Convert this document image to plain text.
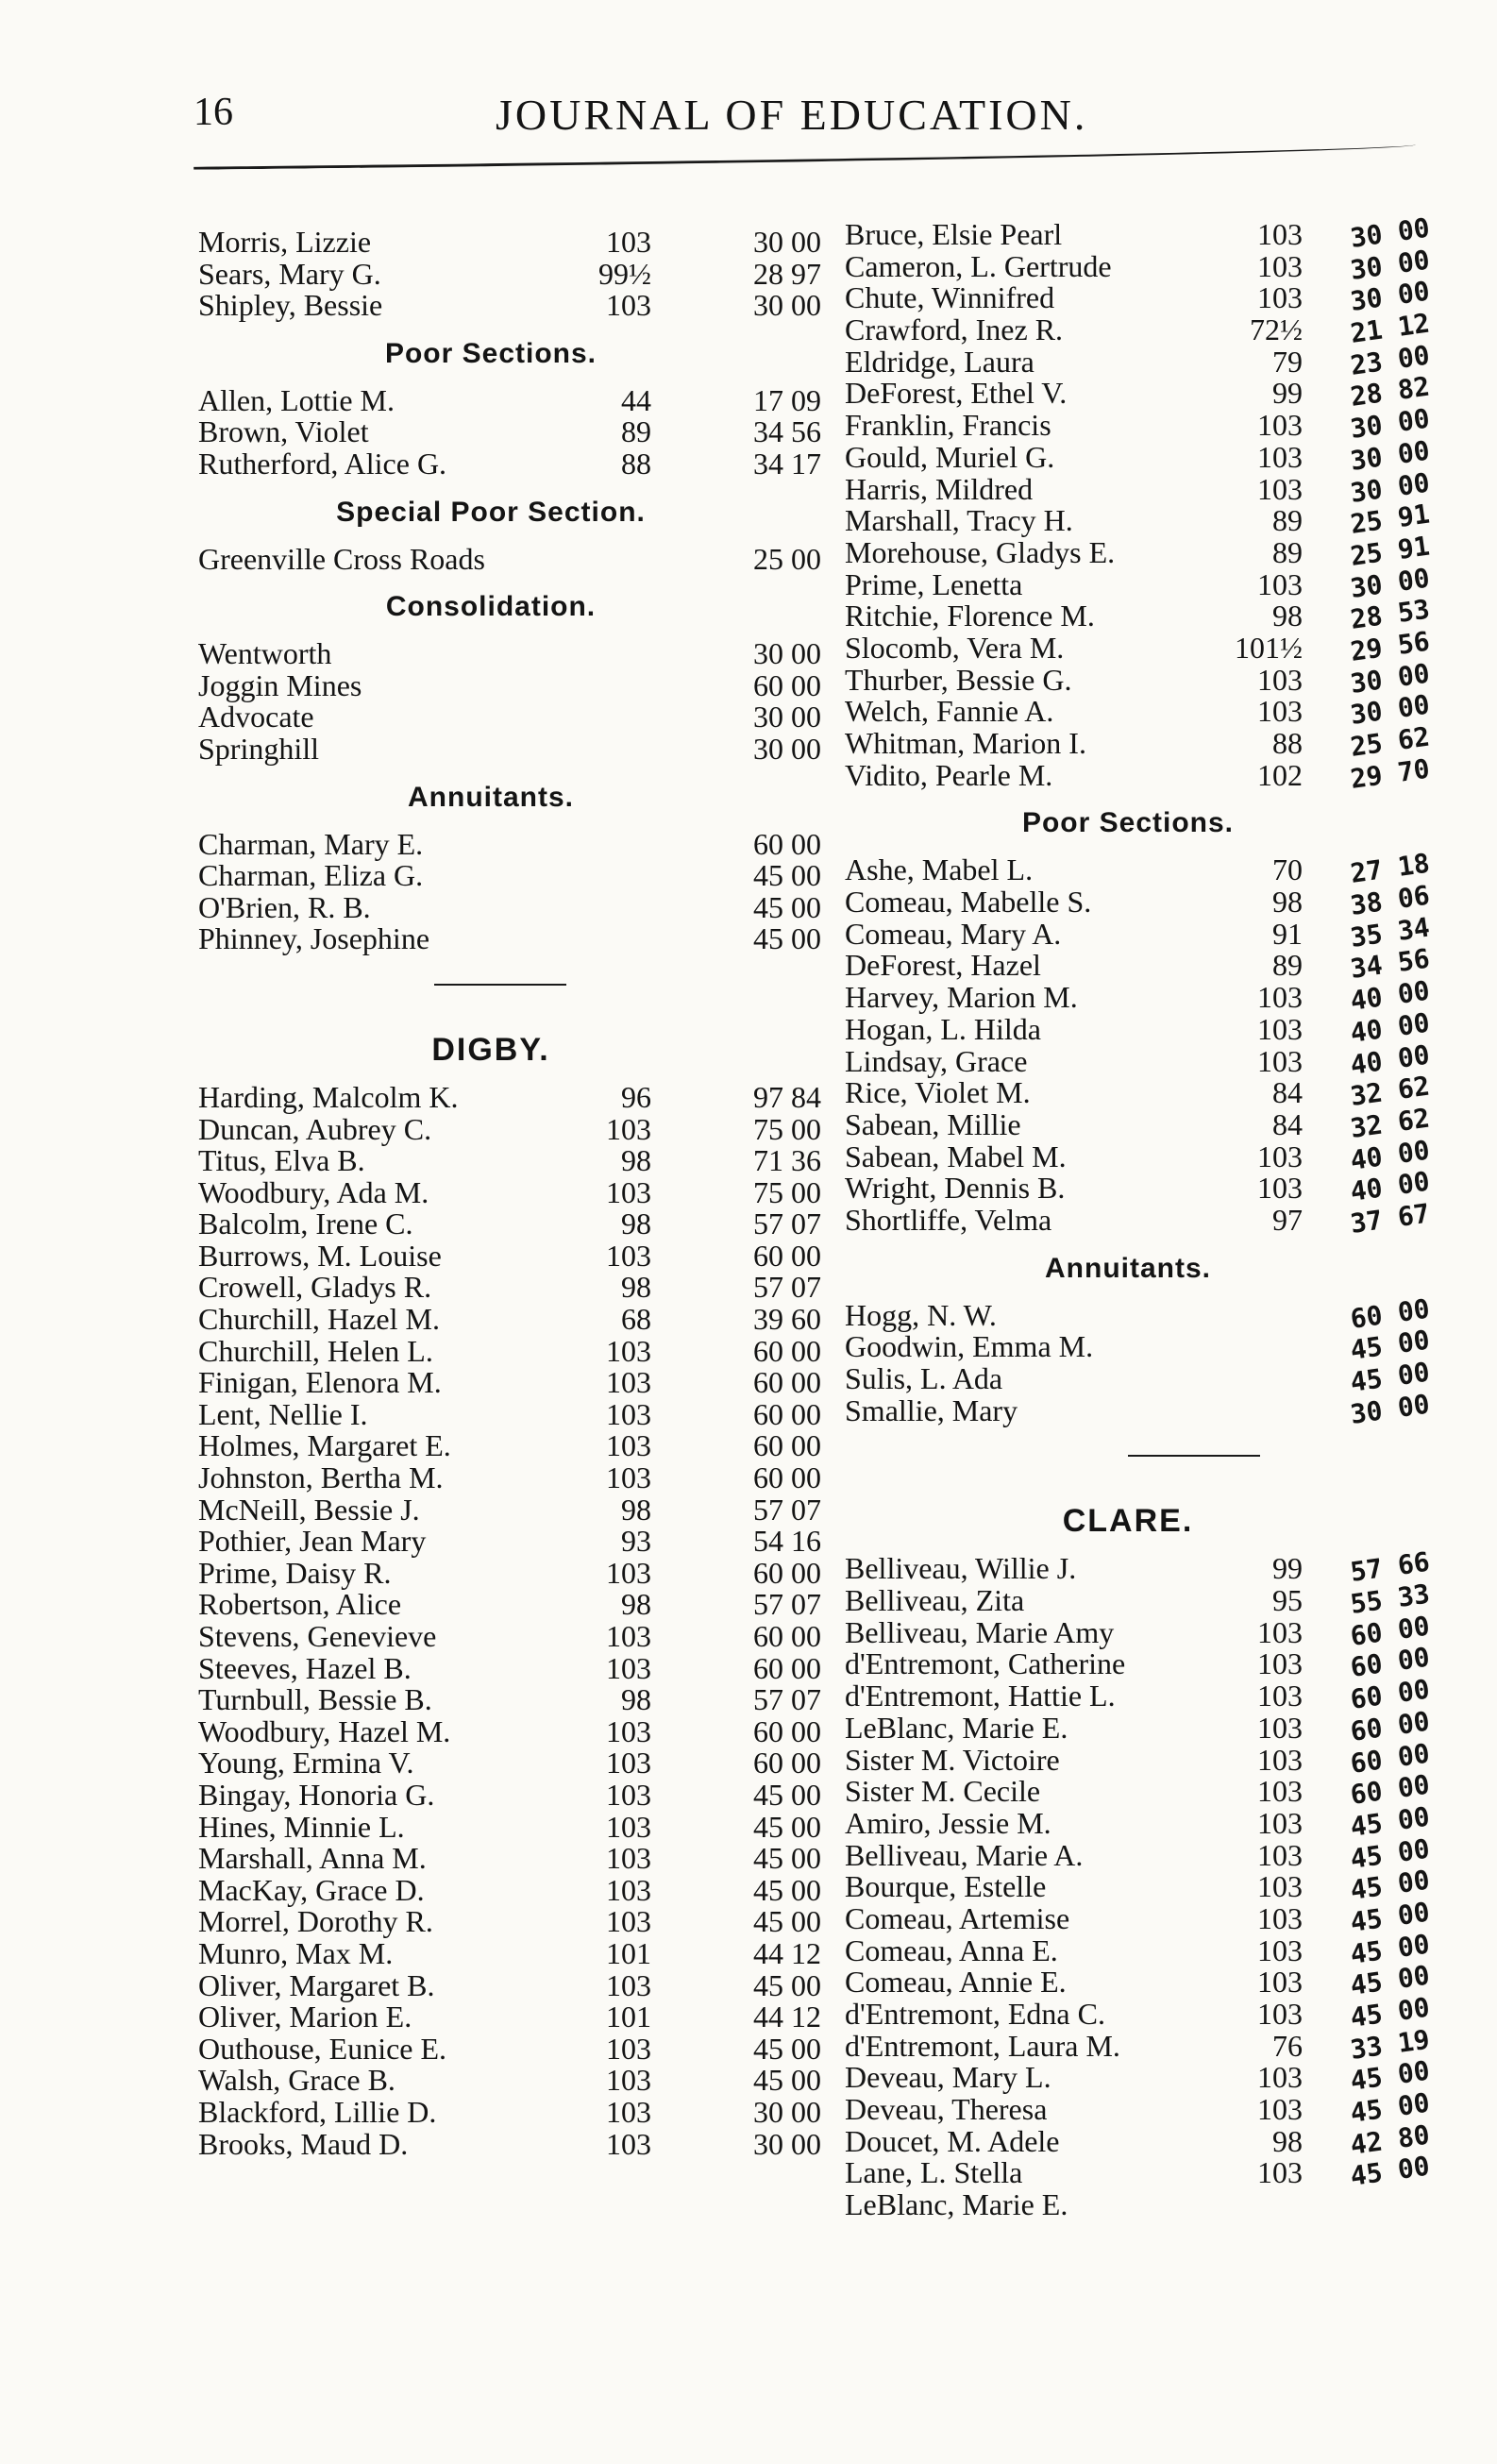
16	JOURNAL OF EDUCATION.
Morris, Lizzie	103	30 00
Sears, Mary G.	99½	28 97
Shipley, Bessie	103	30 00
Poor Sections.
Allen, Lottie M.	44	17 09
Brown, Violet	89	34 56
Rutherford, Alice G.	88	34 17
Special Poor Section.
Greenville Cross Roads	25 00
Consolidation.
Wentworth	30 00
Joggin Mines	60 00
Advocate	30 00
Springhill	30 00
Annuitants.
Charman, Mary E.	60 00
Charman, Eliza G.	45 00
O'Brien, R. B.	45 00
Phinney, Josephine	45 00
DIGBY.
Harding, Malcolm K.	96	97 84
Duncan, Aubrey C.	103	75 00
Titus, Elva B.	98	71 36
Woodbury, Ada M.	103	75 00
Balcolm, Irene C.	98	57 07
Burrows, M. Louise	103	60 00
Crowell, Gladys R.	98	57 07
Churchill, Hazel M.	68	39 60
Churchill, Helen L.	103	60 00
Finigan, Elenora M.	103	60 00
Lent, Nellie I.	103	60 00
Holmes, Margaret E.	103	60 00
Johnston, Bertha M.	103	60 00
McNeill, Bessie J.	98	57 07
Pothier, Jean Mary	93	54 16
Prime, Daisy R.	103	60 00
Robertson, Alice	98	57 07
Stevens, Genevieve	103	60 00
Steeves, Hazel B.	103	60 00
Turnbull, Bessie B.	98	57 07
Woodbury, Hazel M.	103	60 00
Young, Ermina V.	103	60 00
Bingay, Honoria G.	103	45 00
Hines, Minnie L.	103	45 00
Marshall, Anna M.	103	45 00
MacKay, Grace D.	103	45 00
Morrel, Dorothy R.	103	45 00
Munro, Max M.	101	44 12
Oliver, Margaret B.	103	45 00
Oliver, Marion E.	101	44 12
Outhouse, Eunice E.	103	45 00
Walsh, Grace B.	103	45 00
Blackford, Lillie D.	103	30 00
Brooks, Maud D.	103	30 00
Bruce, Elsie Pearl	103	30 00
Cameron, L. Gertrude	103	30 00
Chute, Winnifred	103	30 00
Crawford, Inez R.	72½	21 12
Eldridge, Laura	79	23 00
DeForest, Ethel V.	99	28 82
Franklin, Francis	103	30 00
Gould, Muriel G.	103	30 00
Harris, Mildred	103	30 00
Marshall, Tracy H.	89	25 91
Morehouse, Gladys E.	89	25 91
Prime, Lenetta	103	30 00
Ritchie, Florence M.	98	28 53
Slocomb, Vera M.	101½	29 56
Thurber, Bessie G.	103	30 00
Welch, Fannie A.	103	30 00
Whitman, Marion I.	88	25 62
Vidito, Pearle M.	102	29 70
Poor Sections.
Ashe, Mabel L.	70	27 18
Comeau, Mabelle S.	98	38 06
Comeau, Mary A.	91	35 34
DeForest, Hazel	89	34 56
Harvey, Marion M.	103	40 00
Hogan, L. Hilda	103	40 00
Lindsay, Grace	103	40 00
Rice, Violet M.	84	32 62
Sabean, Millie	84	32 62
Sabean, Mabel M.	103	40 00
Wright, Dennis B.	103	40 00
Shortliffe, Velma	97	37 67
Annuitants.
Hogg, N. W.	60 00
Goodwin, Emma M.	45 00
Sulis, L. Ada	45 00
Smallie, Mary	30 00
CLARE.
Belliveau, Willie J.	99	57 66
Belliveau, Zita	95	55 33
Belliveau, Marie Amy	103	60 00
d'Entremont, Catherine	103	60 00
d'Entremont, Hattie L.	103	60 00
LeBlanc, Marie E.	103	60 00
Sister M. Victoire	103	60 00
Sister M. Cecile	103	60 00
Amiro, Jessie M.	103	45 00
Belliveau, Marie A.	103	45 00
Bourque, Estelle	103	45 00
Comeau, Artemise	103	45 00
Comeau, Anna E.	103	45 00
Comeau, Annie E.	103	45 00
d'Entremont, Edna C.	103	45 00
d'Entremont, Laura M.	76	33 19
Deveau, Mary L.	103	45 00
Deveau, Theresa	103	45 00
Doucet, M. Adele	98	42 80
Lane, L. Stella	103	45 00
LeBlanc, Marie E.
